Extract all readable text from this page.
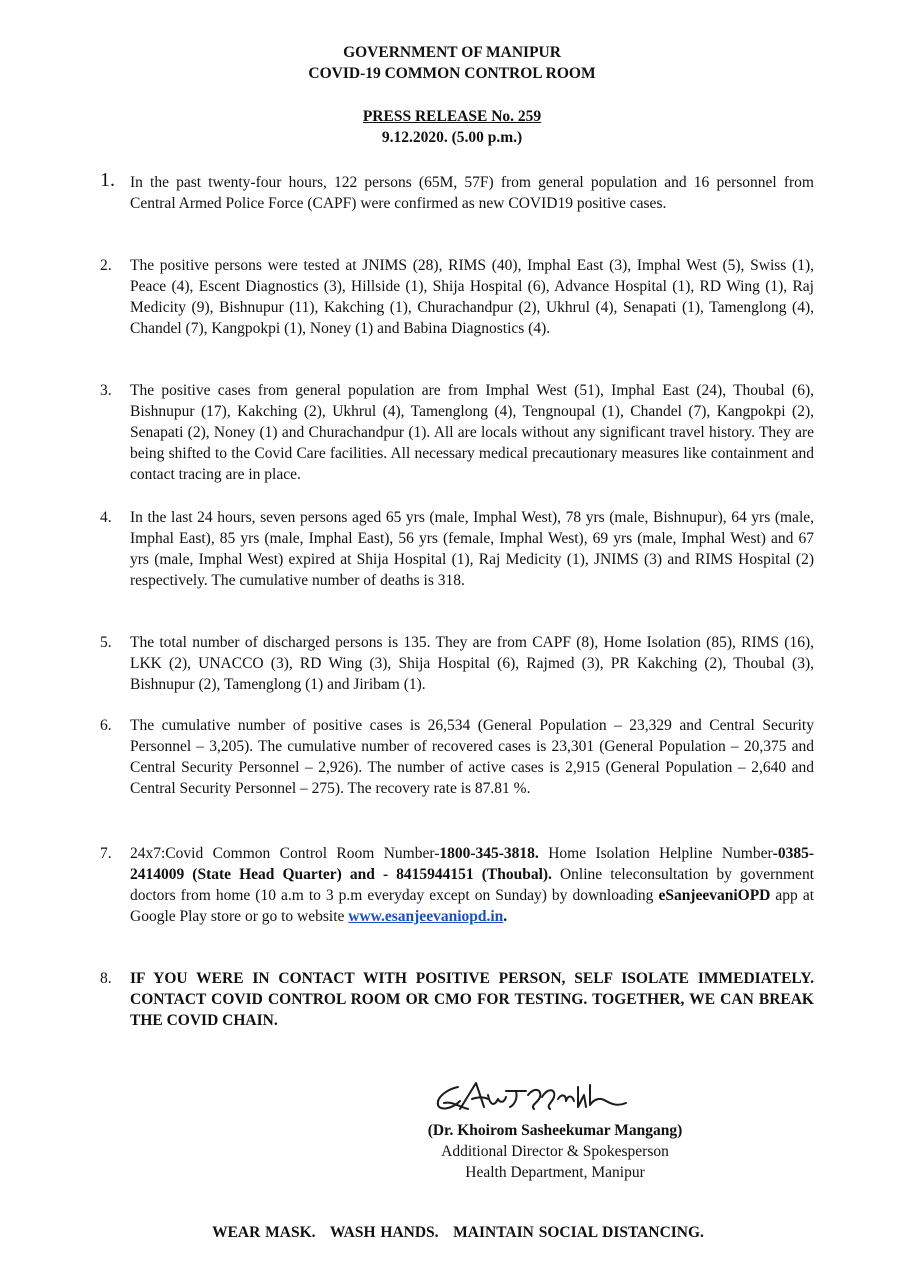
GOVERNMENT OF MANIPUR
COVID-19 COMMON CONTROL ROOM
PRESS RELEASE No. 259
9.12.2020. (5.00 p.m.)
1. In the past twenty-four hours, 122 persons (65M, 57F) from general population and 16 personnel from Central Armed Police Force (CAPF) were confirmed as new COVID19 positive cases.
2.	The positive persons were tested at JNIMS (28), RIMS (40), Imphal East (3), Imphal West (5), Swiss (1), Peace (4), Escent Diagnostics (3), Hillside (1), Shija Hospital (6), Advance Hospital (1), RD Wing (1), Raj Medicity (9), Bishnupur (11), Kakching (1), Churachandpur (2), Ukhrul (4), Senapati (1), Tamenglong (4), Chandel (7), Kangpokpi (1), Noney (1) and Babina Diagnostics (4).
3.	The positive cases from general population are from Imphal West (51), Imphal East (24), Thoubal (6), Bishnupur (17), Kakching (2), Ukhrul (4), Tamenglong (4), Tengnoupal (1), Chandel (7), Kangpokpi (2), Senapati (2), Noney (1) and Churachandpur (1). All are locals without any significant travel history. They are being shifted to the Covid Care facilities. All necessary medical precautionary measures like containment and contact tracing are in place.
4.	In the last 24 hours, seven persons aged 65 yrs (male, Imphal West), 78 yrs (male, Bishnupur), 64 yrs (male, Imphal East), 85 yrs (male, Imphal East), 56 yrs (female, Imphal West), 69 yrs (male, Imphal West) and 67 yrs (male, Imphal West) expired at Shija Hospital (1), Raj Medicity (1), JNIMS (3) and RIMS Hospital (2) respectively. The cumulative number of deaths is 318.
5.	The total number of discharged persons is 135. They are from CAPF (8), Home Isolation (85), RIMS (16), LKK (2), UNACCO (3), RD Wing (3), Shija Hospital (6), Rajmed (3), PR Kakching (2), Thoubal (3), Bishnupur (2), Tamenglong (1) and Jiribam (1).
6.	The cumulative number of positive cases is 26,534 (General Population – 23,329 and Central Security Personnel – 3,205). The cumulative number of recovered cases is 23,301 (General Population – 20,375 and Central Security Personnel – 2,926). The number of active cases is 2,915 (General Population – 2,640 and Central Security Personnel – 275). The recovery rate is 87.81 %.
7.	24x7:Covid Common Control Room Number-1800-345-3818. Home Isolation Helpline Number-0385-2414009 (State Head Quarter) and - 8415944151 (Thoubal). Online teleconsultation by government doctors from home (10 a.m to 3 p.m everyday except on Sunday) by downloading eSanjeevaniOPD app at Google Play store or go to website www.esanjeevaniopd.in.
8.	IF YOU WERE IN CONTACT WITH POSITIVE PERSON, SELF ISOLATE IMMEDIATELY. CONTACT COVID CONTROL ROOM OR CMO FOR TESTING. TOGETHER, WE CAN BREAK THE COVID CHAIN.
(Dr. Khoirom Sasheekumar Mangang)
Additional Director & Spokesperson
Health Department, Manipur
WEAR MASK.   WASH HANDS.   MAINTAIN SOCIAL DISTANCING.
